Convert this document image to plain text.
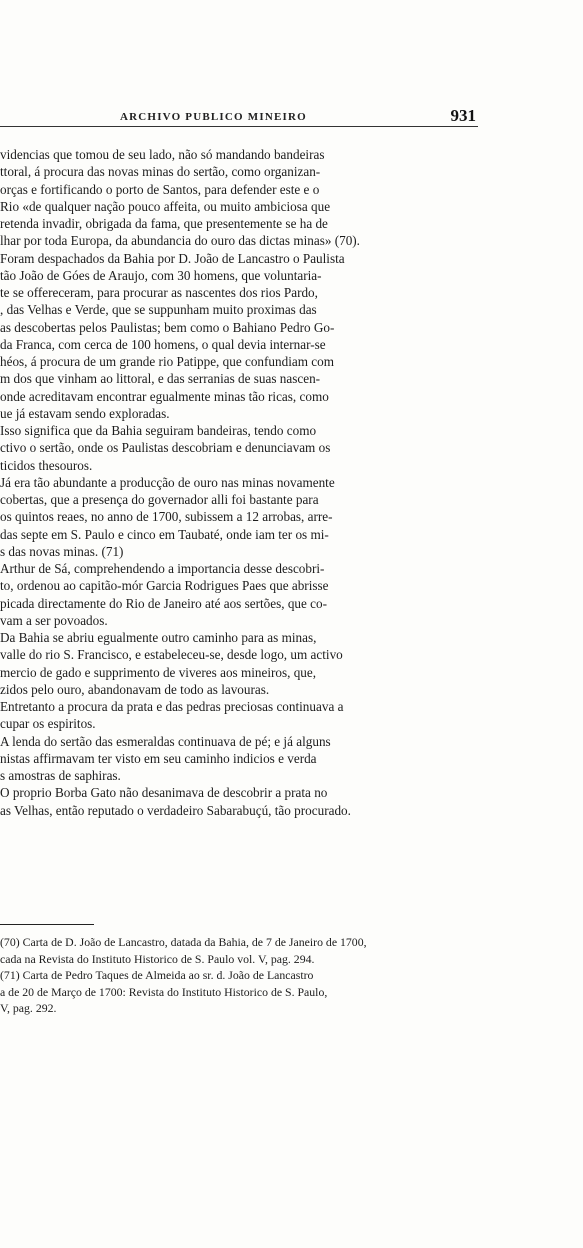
ARCHIVO PUBLICO MINEIRO	931
videncias que tomou de seu lado, não só mandando bandeiras
ttoral, á procura das novas minas do sertão, como organizan-
orças e fortificando o porto de Santos, para defender este e o
Rio «de qualquer nação pouco affeita, ou muito ambiciosa que
retenda invadir, obrigada da fama, que presentemente se ha de
lhar por toda Europa, da abundancia do ouro das dictas minas» (70).
Foram despachados da Bahia por D. João de Lancastro o Paulista
tão João de Góes de Araujo, com 30 homens, que voluntaria-
te se offereceram, para procurar as nascentes dos rios Pardo,
, das Velhas e Verde, que se suppunham muito proximas das
as descobertas pelos Paulistas; bem como o Bahiano Pedro Go-
da Franca, com cerca de 100 homens, o qual devia internar-se
héos, á procura de um grande rio Patippe, que confundiam com
m dos que vinham ao littoral, e das serranias de suas nascen-
onde acreditavam encontrar egualmente minas tão ricas, como
ue já estavam sendo exploradas.
Isso significa que da Bahia seguiram bandeiras, tendo como
ctivo o sertão, onde os Paulistas descobriam e denunciavam os
ticidos thesouros.
Já era tão abundante a producção de ouro nas minas novamente
cobertas, que a presença do governador alli foi bastante para
os quintos reaes, no anno de 1700, subissem a 12 arrobas, arre-
das septe em S. Paulo e cinco em Taubaté, onde iam ter os mi-
s das novas minas. (71)
Arthur de Sá, comprehendendo a importancia desse descobri-
to, ordenou ao capitão-mór Garcia Rodrigues Paes que abrisse
picada directamente do Rio de Janeiro até aos sertões, que co-
vam a ser povoados.
Da Bahia se abriu egualmente outro caminho para as minas,
valle do rio S. Francisco, e estabeleceu-se, desde logo, um activo
mercio de gado e supprimento de viveres aos mineiros, que,
zidos pelo ouro, abandonavam de todo as lavouras.
Entretanto a procura da prata e das pedras preciosas continuava a
cupar os espiritos.
A lenda do sertão das esmeraldas continuava de pé; e já alguns
nistas affirmavam ter visto em seu caminho indicios e verda
s amostras de saphiras.
O proprio Borba Gato não desanimava de descobrir a prata no
as Velhas, então reputado o verdadeiro Sabarabuçú, tão procurado.
(70) Carta de D. João de Lancastro, datada da Bahia, de 7 de Janeiro de 1700,
cada na Revista do Instituto Historico de S. Paulo vol. V, pag. 294.
(71) Carta de Pedro Taques de Almeida ao sr. d. João de Lancastro
a de 20 de Março de 1700: Revista do Instituto Historico de S. Paulo,
V, pag. 292.
